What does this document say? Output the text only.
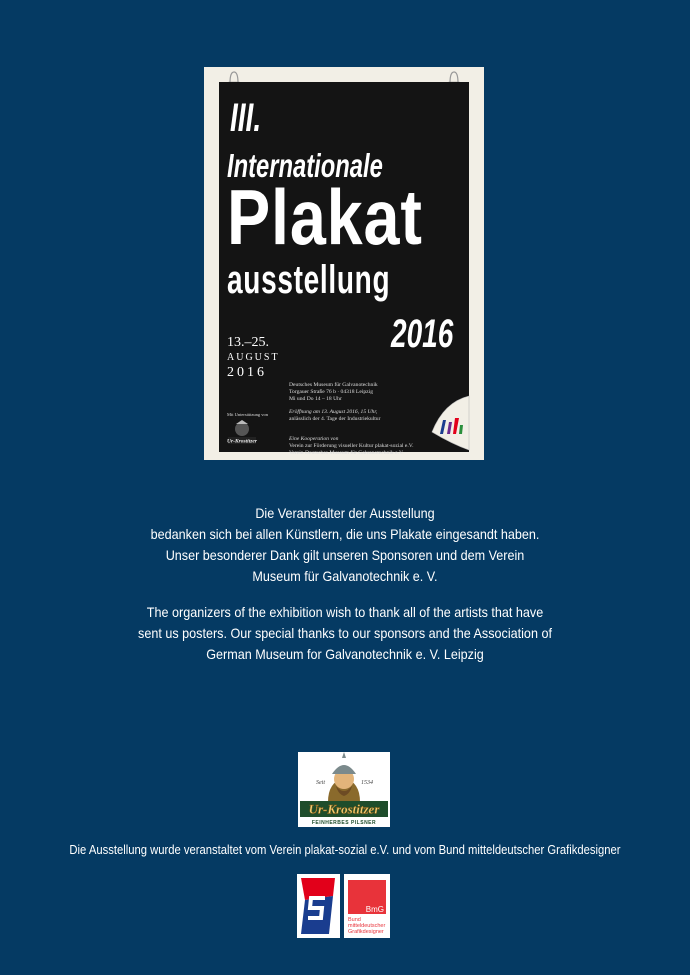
III.
Internationale
Plakat
ausstellung
2016
13.–25.
AUGUST
2016
Deutsches Museum für Galvanotechnik
Torgauer Straße 76 b · 04318 Leipzig
Mi und Do 14 – 18 Uhr
Eröffnung am 13. August 2016, 15 Uhr,
anlässlich der 4. Tage der Industriekultur
Eine Kooperation von
Verein zur Förderung visueller Kultur plakat-sozial e.V.
Verein Deutsches Museum für Galvanotechnik e.V.
Mit Unterstützung von
Ur-Krostitzer
Die Veranstalter der Ausstellung
bedanken sich bei allen Künstlern, die uns Plakate eingesandt haben.
Unser besonderer Dank gilt unseren Sponsoren und dem Verein
Museum für Galvanotechnik e. V.
The organizers of the exhibition wish to thank all of the artists that have
sent us posters. Our special thanks to our sponsors and the Association of
German Museum for Galvanotechnik e. V. Leipzig
Seit	1534
Ur-Krostitzer
FEINHERBES PILSNER
Die Ausstellung wurde veranstaltet vom Verein plakat-sozial e.V. und vom Bund mitteldeutscher Grafikdesigner
BmG
Bund
mitteldeutscher
Grafikdesigner
